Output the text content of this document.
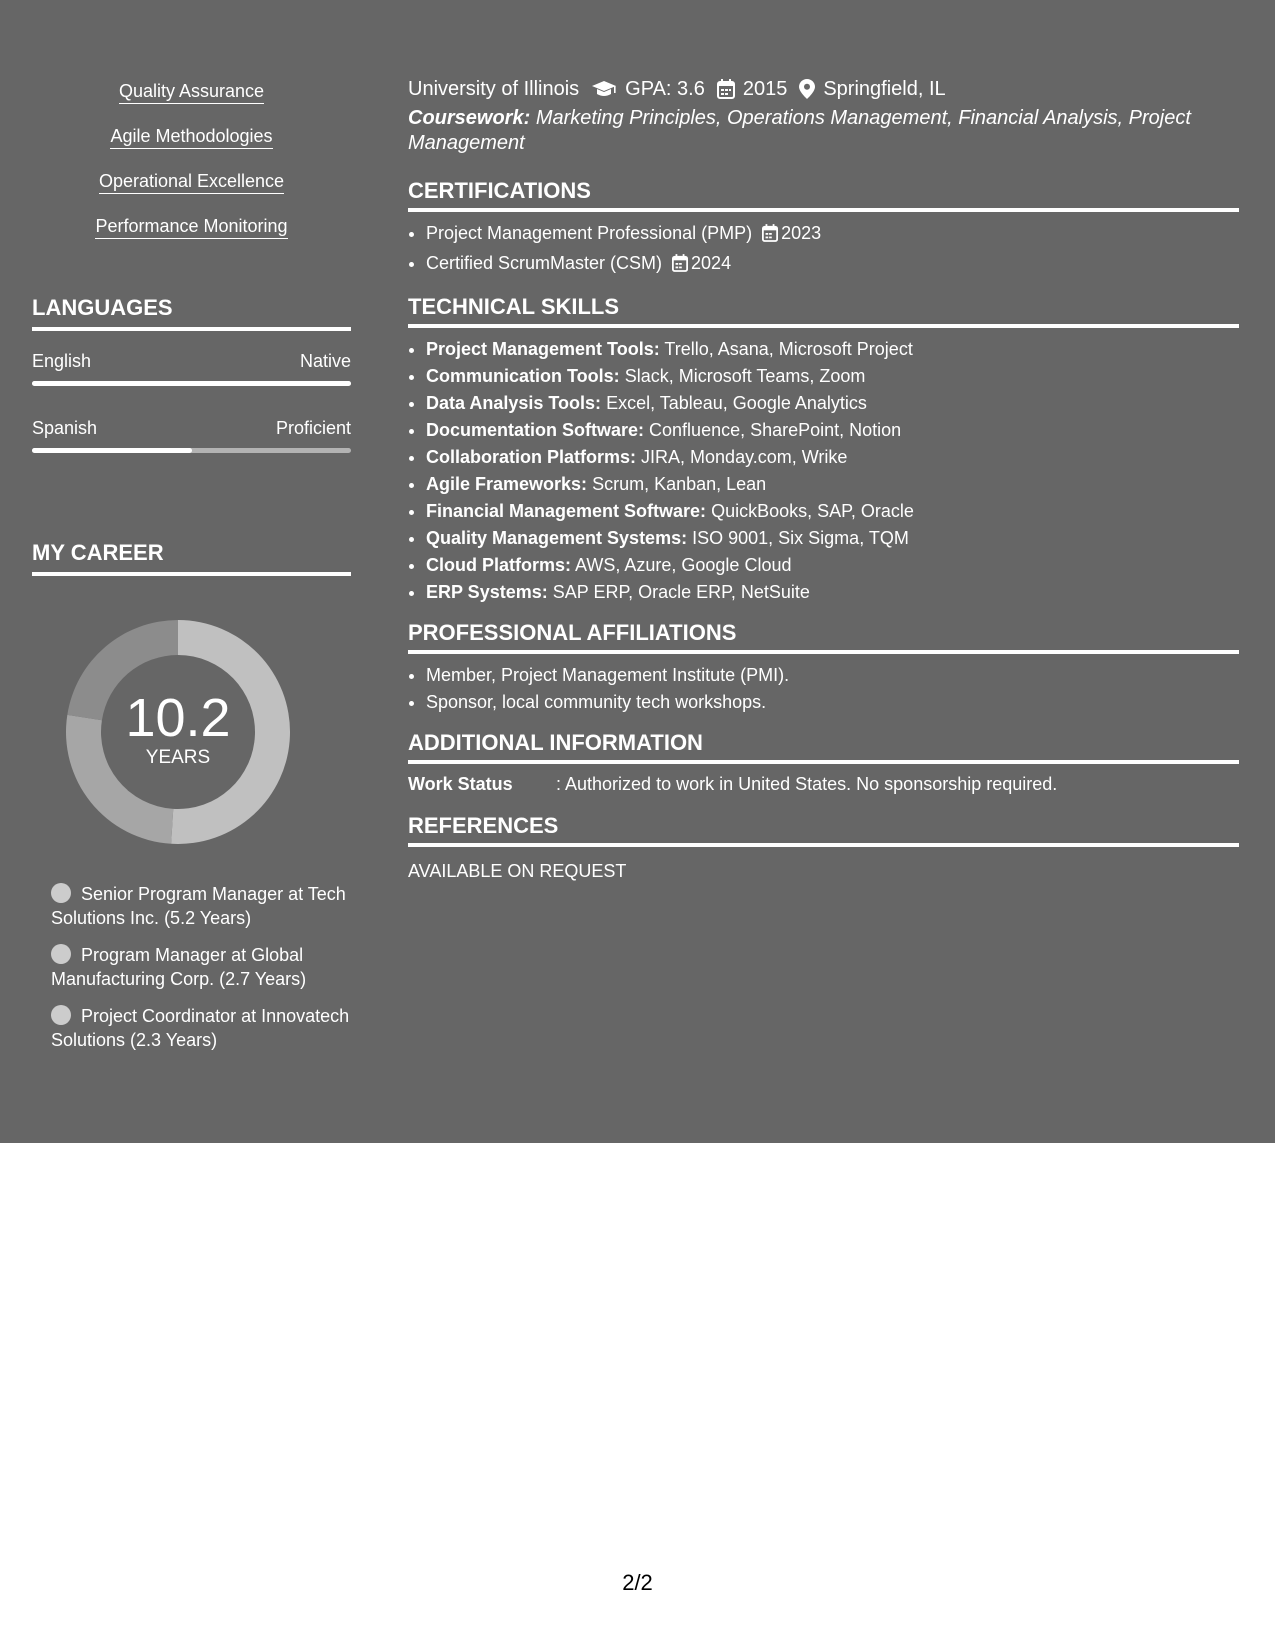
Quality Assurance
Agile Methodologies
Operational Excellence
Performance Monitoring
LANGUAGES
English	Native
Spanish	Proficient
MY CAREER
10.2
YEARS
Senior Program Manager at Tech Solutions Inc. (5.2 Years)
Program Manager at Global Manufacturing Corp. (2.7 Years)
Project Coordinator at Innovatech Solutions (2.3 Years)
University of Illinois GPA: 3.6 2015 Springfield, IL
Coursework: Marketing Principles, Operations Management, Financial Analysis, Project Management
CERTIFICATIONS
• Project Management Professional (PMP) 2023
• Certified ScrumMaster (CSM) 2024
TECHNICAL SKILLS
• Project Management Tools: Trello, Asana, Microsoft Project
• Communication Tools: Slack, Microsoft Teams, Zoom
• Data Analysis Tools: Excel, Tableau, Google Analytics
• Documentation Software: Confluence, SharePoint, Notion
• Collaboration Platforms: JIRA, Monday.com, Wrike
• Agile Frameworks: Scrum, Kanban, Lean
• Financial Management Software: QuickBooks, SAP, Oracle
• Quality Management Systems: ISO 9001, Six Sigma, TQM
• Cloud Platforms: AWS, Azure, Google Cloud
• ERP Systems: SAP ERP, Oracle ERP, NetSuite
PROFESSIONAL AFFILIATIONS
• Member, Project Management Institute (PMI).
• Sponsor, local community tech workshops.
ADDITIONAL INFORMATION
Work Status	: Authorized to work in United States. No sponsorship required.
REFERENCES
AVAILABLE ON REQUEST
2/2
